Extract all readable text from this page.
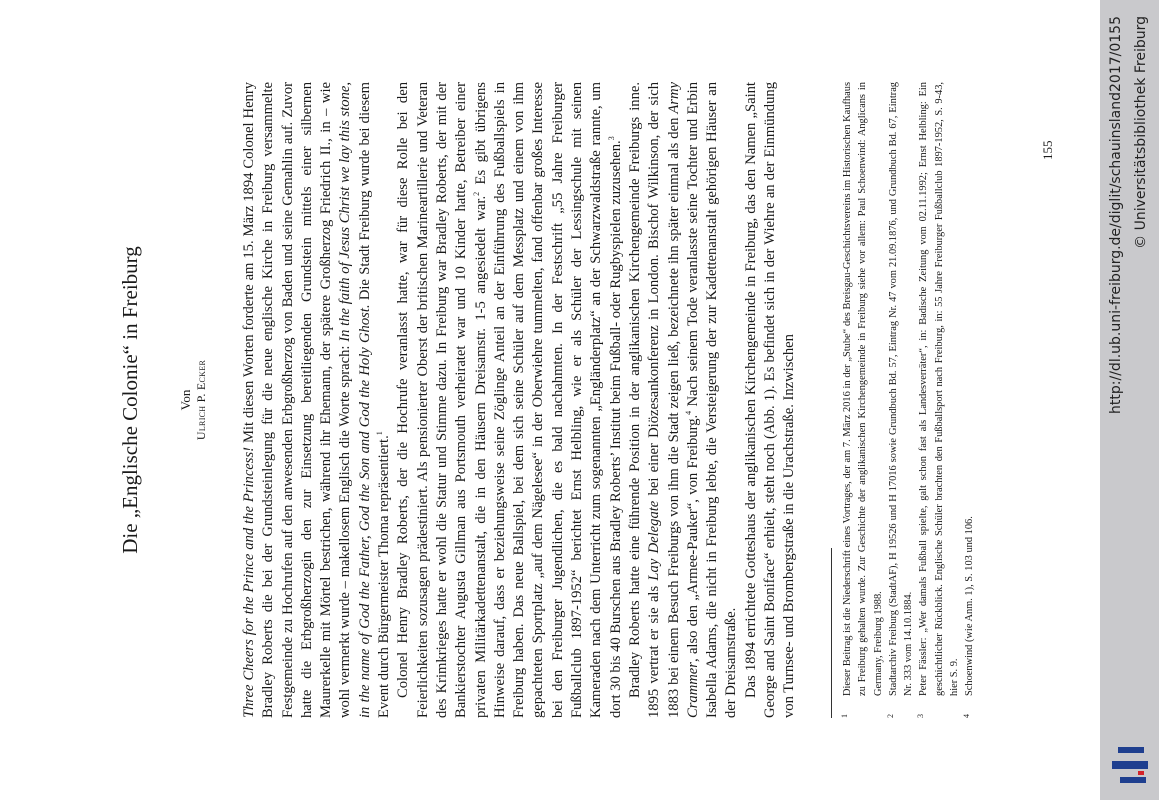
Die „Englische Colonie“ in Freiburg	Von Ulrich P. Ecker

Three Cheers for the Prince and the Princess! Mit diesen Worten forderte am 15. März 1894 Colonel Henry Bradley Roberts die bei der Grundsteinlegung für die neue englische Kirche in Freiburg versammelte Festgemeinde zu Hochrufen auf den anwesenden Erbgroßherzog von Baden und seine Gemahlin auf. Zuvor hatte die Erbgroßherzogin den zur Einsetzung bereitliegenden Grundstein mittels einer silbernen Maurerkelle mit Mörtel bestrichen, während ihr Ehemann, der spätere Großherzog Friedrich II., in – wie wohl vermerkt wurde – makellosem Englisch die Worte sprach: In the faith of Jesus Christ we lay this stone, in the name of God the Father, God the Son and God the Holy Ghost. Die Stadt Freiburg wurde bei diesem Event durch Bürgermeister Thoma repräsentiert.$^1$ Colonel Henry Bradley Roberts, der die Hochrufe veranlasst hatte, war für diese Rolle bei den Feierlichkeiten sozusagen prädestiniert. Als pensionierter Oberst der britischen Marineartillerie und Veteran des Krimkrieges hatte er wohl die Statur und Stimme dazu. In Freiburg war Bradley Roberts, der mit der Bankierstochter Augusta Gillman aus Portsmouth verheiratet war und 10 Kinder hatte, Betreiber einer privaten Militärkadettenanstalt, die in den Häusern Dreisamstr. 1-5 angesiedelt war.$^2$ Es gibt übrigens Hinweise darauf, dass er beziehungsweise seine Zöglinge Anteil an der Einführung des Fußballspiels in Freiburg haben. Das neue Ballspiel, bei dem sich seine Schüler auf dem Messplatz und einem von ihm gepachteten Sportplatz „auf dem Nägelesee“ in der Oberwiehre tummelten, fand offenbar großes Interesse bei den Freiburger Jugendlichen, die es bald nachahmten. In der Festschrift „55 Jahre Freiburger Fußballclub 1897-1952“ berichtet Ernst Helbling, wie er als Schüler der Lessingschule mit seinen Kameraden nach dem Unterricht zum sogenannten „Engländerplatz“ an der Schwarzwaldstraße rannte, um dort 30 bis 40 Burschen aus Bradley Roberts’ Institut beim Fußball- oder Rugbyspielen zuzusehen.$^3$ Bradley Roberts hatte eine führende Position in der anglikanischen Kirchengemeinde Freiburgs inne. 1895 vertrat er sie als Lay Delegate bei einer Diözesankonferenz in London. Bischof Wilkinson, der sich 1883 bei einem Besuch Freiburgs von ihm die Stadt zeigen ließ, bezeichnete ihn später einmal als den Army Crammer, also den „Armee-Pauker“, von Freiburg.$^4$ Nach seinem Tode veranlasste seine Tochter und Erbin Isabella Adams, die nicht in Freiburg lebte, die Versteigerung der zur Kadettenanstalt gehörigen Häuser an der Dreisamstraße. Das 1894 errichtete Gotteshaus der anglikanischen Kirchengemeinde in Freiburg, das den Namen „Saint George and Saint Boniface“ erhielt, steht noch (Abb. 1). Es befindet sich in der Wiehre an der Einmündung von Turnsee- und Brombergstraße in die Urachstraße. Inzwischen	1
Dieser Beitrag ist die Niederschrift eines Vortrages, der am 7. März 2016 in der „Stube“ des Breisgau-Geschichtsvereins im Historischen Kaufhaus zu Freiburg gehalten wurde. Zur Geschichte der anglikanischen Kirchengemeinde in Freiburg siehe vor allem: Paul Schoenwind: Anglicans in Germany, Freiburg 1988.
2
Stadtarchiv Freiburg (StadtAF), H 19526 und H 17016 sowie Grundbuch Bd. 57, Eintrag Nr. 47 vom 21.09.1876, und Grundbuch Bd. 67, Eintrag Nr. 333 vom 14.10.1884.
3
Peter Fässler: „Wer damals Fußball spielte, galt schon fast als Landesverräter“, in: Badische Zeitung vom 02.11.1992; Ernst Helbling: Ein geschichtlicher Rückblick. Englische Schüler brachten den Fußballsport nach Freiburg, in: 55 Jahre Freiburger Fußballclub 1897-1952, S. 9-43, hier S. 9.
4
Schoenwind (wie Anm. 1), S. 103 und 106.
155	http://dl.ub.uni-freiburg.de/diglit/schauinsland2017/0155 © Universitätsbibliothek Freiburg
